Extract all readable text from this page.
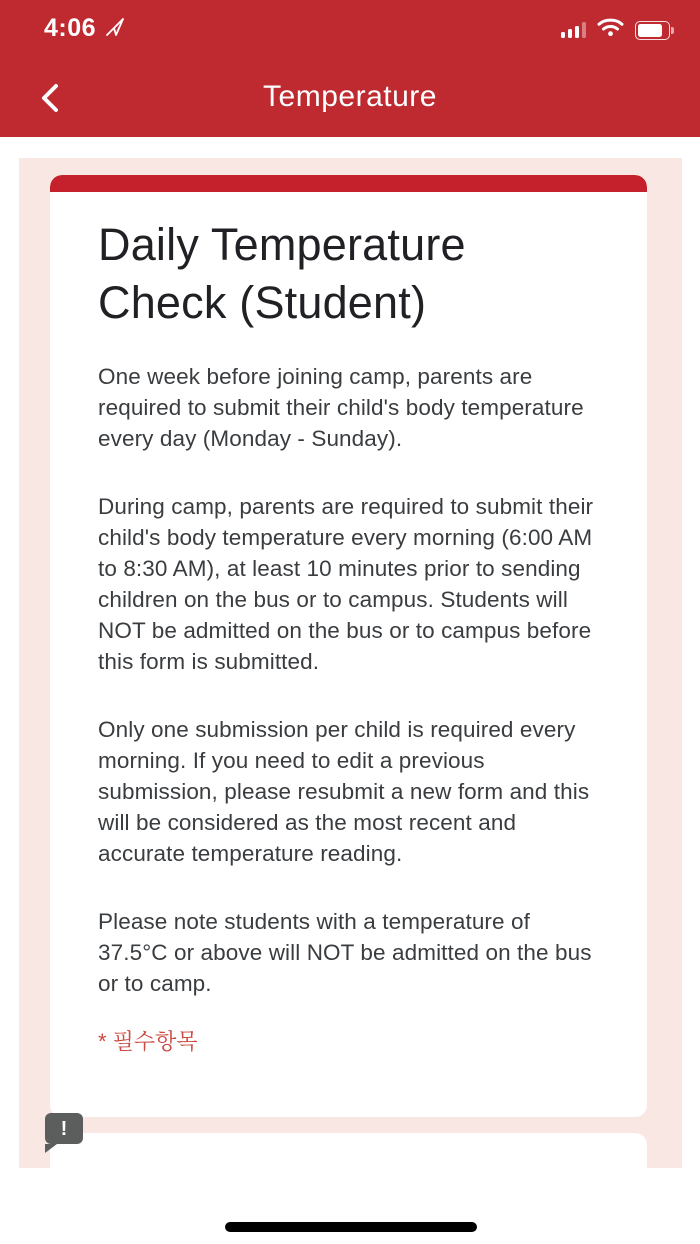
4:06
Temperature
Daily Temperature Check (Student)

One week before joining camp, parents are required to submit their child's body temperature every day (Monday - Sunday).

During camp, parents are required to submit their child's body temperature every morning (6:00 AM to 8:30 AM), at least 10 minutes prior to sending children on the bus or to campus. Students will NOT be admitted on the bus or to campus before this form is submitted.

Only one submission per child is required every morning. If you need to edit a previous submission, please resubmit a new form and this will be considered as the most recent and accurate temperature reading.

Please note students with a temperature of 37.5°C or above will NOT be admitted on the bus or to camp.

* 필수항목
!
